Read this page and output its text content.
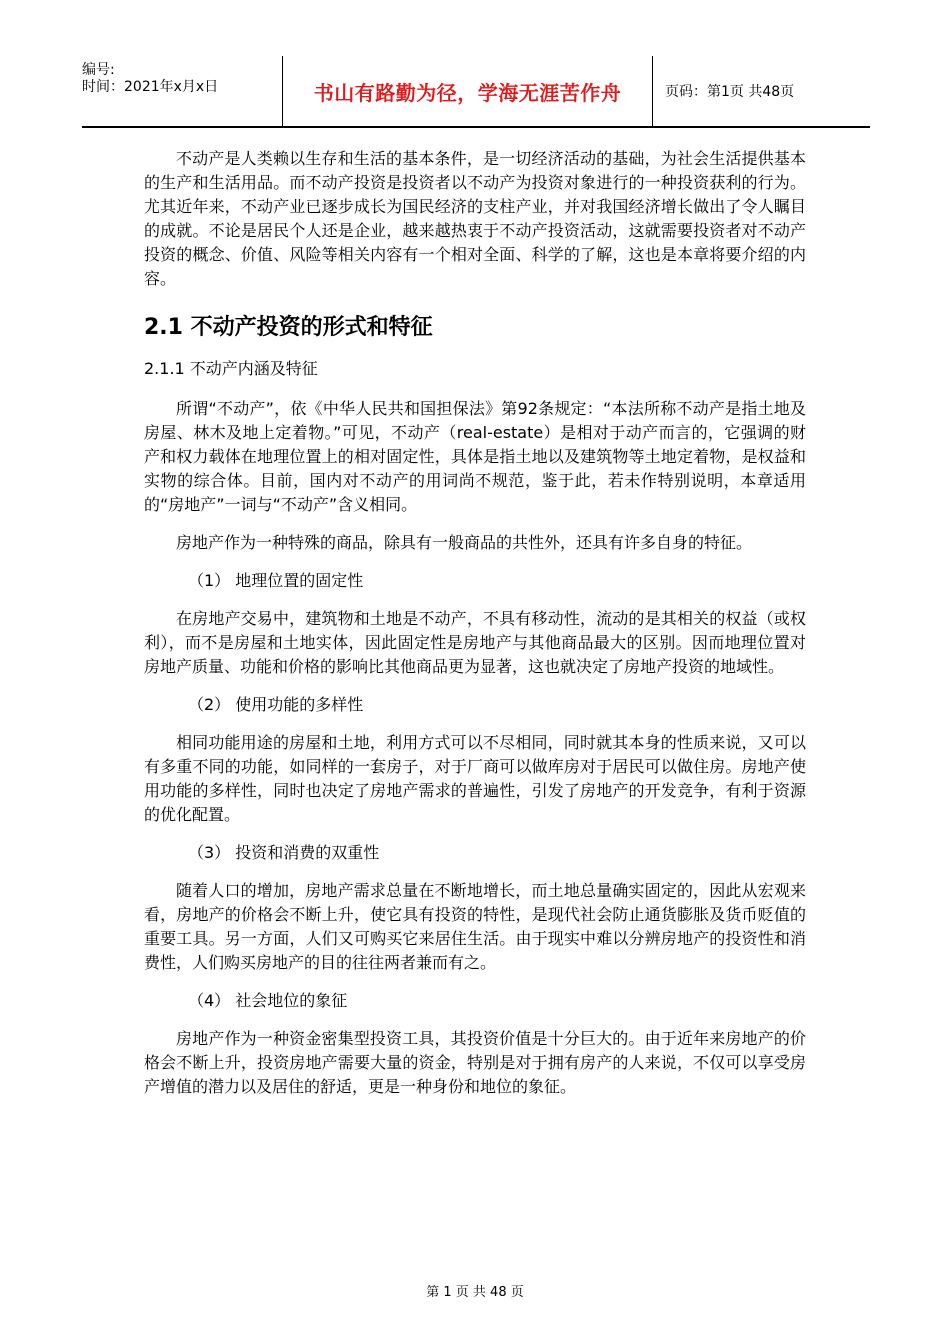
编号:
时间：2021年x月x日	书山有路勤为径，学海无涯苦作舟	页码：第1页 共48页

不动产是人类赖以生存和生活的基本条件，是一切经济活动的基础，为社会生活提供基本的生产和生活用品。而不动产投资是投资者以不动产为投资对象进行的一种投资获利的行为。尤其近年来，不动产业已逐步成长为国民经济的支柱产业，并对我国经济增长做出了令人瞩目的成就。不论是居民个人还是企业，越来越热衷于不动产投资活动，这就需要投资者对不动产投资的概念、价值、风险等相关内容有一个相对全面、科学的了解，这也是本章将要介绍的内容。

2.1 不动产投资的形式和特征
2.1.1 不动产内涵及特征

所谓“不动产”，依《中华人民共和国担保法》第92条规定：“本法所称不动产是指土地及房屋、林木及地上定着物。”可见，不动产（real-estate）是相对于动产而言的，它强调的财产和权力载体在地理位置上的相对固定性，具体是指土地以及建筑物等土地定着物，是权益和实物的综合体。目前，国内对不动产的用词尚不规范，鉴于此，若未作特别说明，本章适用的“房地产”一词与“不动产”含义相同。

房地产作为一种特殊的商品，除具有一般商品的共性外，还具有许多自身的特征。

（1） 地理位置的固定性

在房地产交易中，建筑物和土地是不动产，不具有移动性，流动的是其相关的权益（或权利），而不是房屋和土地实体，因此固定性是房地产与其他商品最大的区别。因而地理位置对房地产质量、功能和价格的影响比其他商品更为显著，这也就决定了房地产投资的地域性。

（2） 使用功能的多样性

相同功能用途的房屋和土地，利用方式可以不尽相同，同时就其本身的性质来说，又可以有多重不同的功能，如同样的一套房子，对于厂商可以做库房对于居民可以做住房。房地产使用功能的多样性，同时也决定了房地产需求的普遍性，引发了房地产的开发竞争，有利于资源的优化配置。

（3） 投资和消费的双重性

随着人口的增加，房地产需求总量在不断地增长，而土地总量确实固定的，因此从宏观来看，房地产的价格会不断上升，使它具有投资的特性，是现代社会防止通货膨胀及货币贬值的重要工具。另一方面，人们又可购买它来居住生活。由于现实中难以分辨房地产的投资性和消费性，人们购买房地产的目的往往两者兼而有之。

（4） 社会地位的象征

房地产作为一种资金密集型投资工具，其投资价值是十分巨大的。由于近年来房地产的价格会不断上升，投资房地产需要大量的资金，特别是对于拥有房产的人来说，不仅可以享受房产增值的潜力以及居住的舒适，更是一种身份和地位的象征。

第 1 页 共 48 页
